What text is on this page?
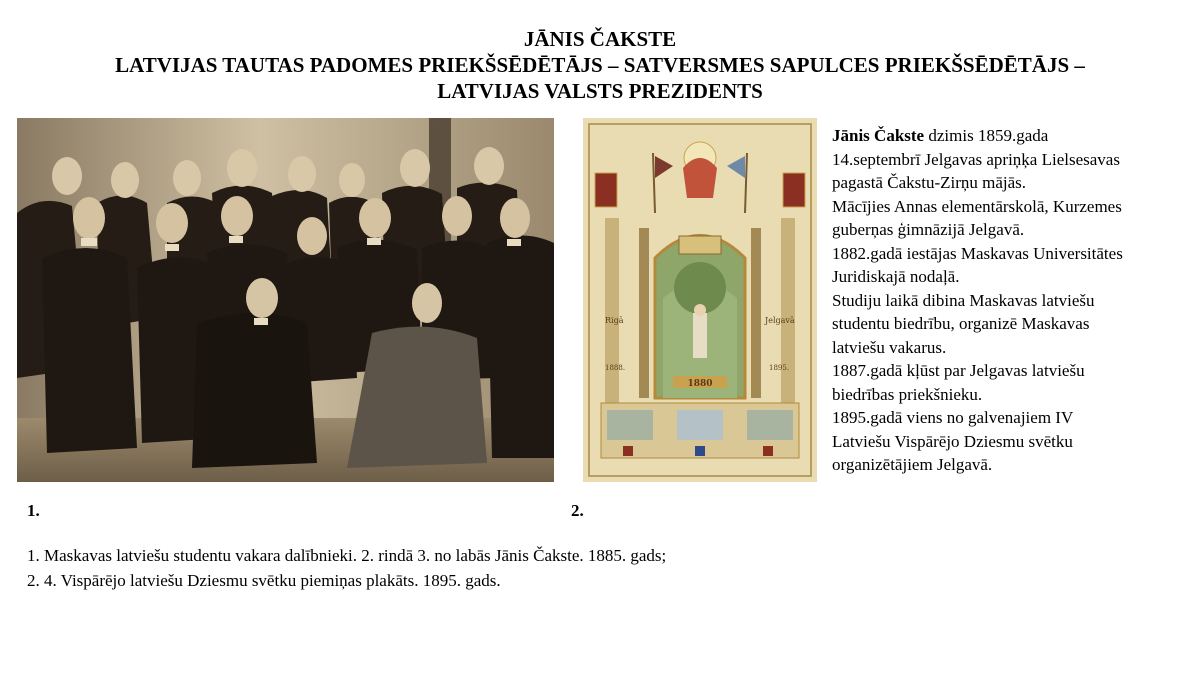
JĀNIS ČAKSTE
LATVIJAS TAUTAS PADOMES PRIEKŠSĒDĒTĀJS – SATVERSMES SAPULCES PRIEKŠSĒDĒTĀJS –
LATVIJAS VALSTS PREZIDENTS
1880
Rigā
1888.
Jelgavā
1895.
Jānis Čakste dzimis 1859.gada
14.septembrī Jelgavas apriņķa Lielsesavas
pagastā Čakstu-Zirņu mājās.
Mācījies Annas elementārskolā, Kurzemes
guberņas ģimnāzijā Jelgavā.
1882.gadā iestājas Maskavas Universitātes
Juridiskajā nodaļā.
Studiju laikā dibina Maskavas latviešu
studentu biedrību, organizē Maskavas
latviešu vakarus.
1887.gadā kļūst par Jelgavas latviešu
biedrības priekšnieku.
1895.gadā viens no galvenajiem IV
Latviešu Vispārējo Dziesmu svētku
organizētājiem Jelgavā.
1.	2.
1. Maskavas latviešu studentu vakara dalībnieki. 2. rindā 3. no labās Jānis Čakste. 1885. gads;
2. 4. Vispārējo latviešu Dziesmu svētku piemiņas plakāts. 1895. gads.
